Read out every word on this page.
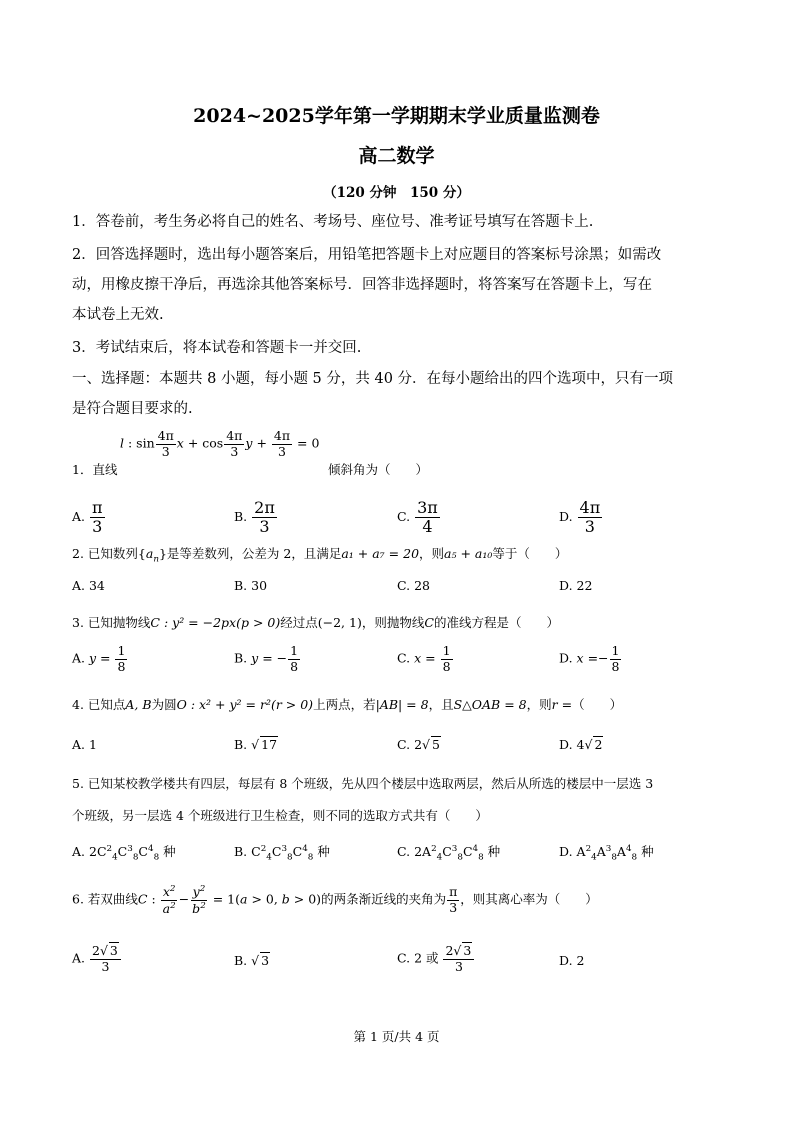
2024~2025学年第一学期期末学业质量监测卷
高二数学
（120 分钟　150 分）
1．答卷前，考生务必将自己的姓名、考场号、座位号、准考证号填写在答题卡上.
2．回答选择题时，选出每小题答案后，用铅笔把答题卡上对应题目的答案标号涂黑；如需改
动，用橡皮擦干净后，再选涂其他答案标号．回答非选择题时，将答案写在答题卡上，写在
本试卷上无效.
3．考试结束后，将本试卷和答题卡一并交回.
一、选择题：本题共 8 小题，每小题 5 分，共 40 分．在每小题给出的四个选项中，只有一项
是符合题目要求的.
1．直线
l : $\sin \frac{4\pi}{3}$ $x + \cos \frac{4\pi}{3}$ $y + \frac{4\pi}{3} = 0$
倾斜角为（　　）
A. $\frac{\pi}{3}$	B. $\frac{2\pi}{3}$	C. $\frac{3\pi}{4}$	D. $\frac{4\pi}{3}$
2. 已知数列$\{a_n\}$是等差数列，公差为 2，且满足a₁ + a₇ = 20，则a₅ + a₁₀等于（　　）
A. 34	B. 30	C. 28	D. 22
3. 已知抛物线C : y² = −2px(p > 0)经过点(−2, 1)，则抛物线C的准线方程是（　　）
A. $y = \frac{1}{8}$	B. y = − $\frac{1}{8}$	C. $x = \frac{1}{8}$	D. $x =- \frac{1}{8}$
4. 已知点A, B为圆O : x² + y² = r²(r > 0)上两点，若|AB| = 8，且S△OAB = 8，则r =（　　）
A. 1	B. √ 17	C. 2√ 5	D. 4√ 2
5. 已知某校教学楼共有四层，每层有 8 个班级，先从四个楼层中选取两层，然后从所选的楼层中一层选 3
个班级，另一层选 4 个班级进行卫生检查，则不同的选取方式共有（　　）
A. $2C^2_4C^3_8C^4_8$ 种	B. $C^2_4C^3_8C^4_8$ 种	C. $2A^2_4C^3_8C^4_8$ 种	D. $A^2_4A^3_8A^4_8$ 种
6. 若双曲线C : $\frac{x^2}{a^2} - \frac{y^2}{b^2} = 1(a > 0$, b > 0)的两条渐近线的夹角为 $\frac{\pi}{3}$ ，则其离心率为（　　）
A. $\frac{2√ 3}{3}$	B. √ 3	C. 2 或 $\frac{2√ 3}{3}$	D. 2
第 1 页/共 4 页
